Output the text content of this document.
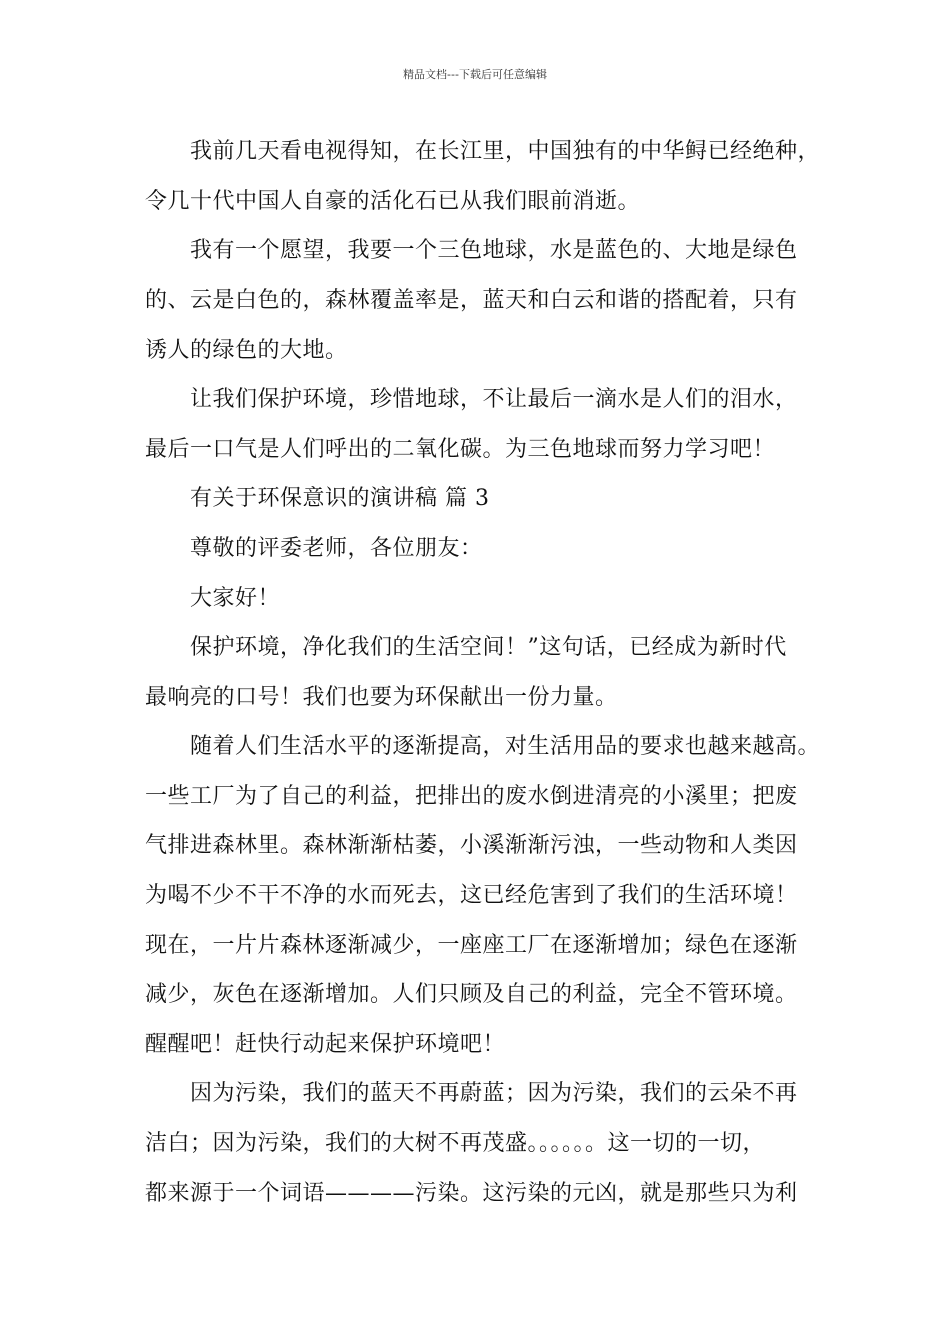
精品文档---下载后可任意编辑
我前几天看电视得知，在长江里，中国独有的中华鲟已经绝种，
令几十代中国人自豪的活化石已从我们眼前消逝。
我有一个愿望，我要一个三色地球，水是蓝色的、大地是绿色
的、云是白色的，森林覆盖率是，蓝天和白云和谐的搭配着，只有
诱人的绿色的大地。
让我们保护环境，珍惜地球，不让最后一滴水是人们的泪水，
最后一口气是人们呼出的二氧化碳。为三色地球而努力学习吧！
有关于环保意识的演讲稿 篇 3
尊敬的评委老师，各位朋友：
大家好！
保护环境，净化我们的生活空间！”这句话，已经成为新时代
最响亮的口号！我们也要为环保献出一份力量。
随着人们生活水平的逐渐提高，对生活用品的要求也越来越高。
一些工厂为了自己的利益，把排出的废水倒进清亮的小溪里；把废
气排进森林里。森林渐渐枯萎，小溪渐渐污浊，一些动物和人类因
为喝不少不干不净的水而死去，这已经危害到了我们的生活环境！
现在，一片片森林逐渐减少，一座座工厂在逐渐增加；绿色在逐渐
减少，灰色在逐渐增加。人们只顾及自己的利益，完全不管环境。
醒醒吧！赶快行动起来保护环境吧！
因为污染，我们的蓝天不再蔚蓝；因为污染，我们的云朵不再
洁白；因为污染，我们的大树不再茂盛。。。。。。这一切的一切，
都来源于一个词语————污染。这污染的元凶，就是那些只为利
